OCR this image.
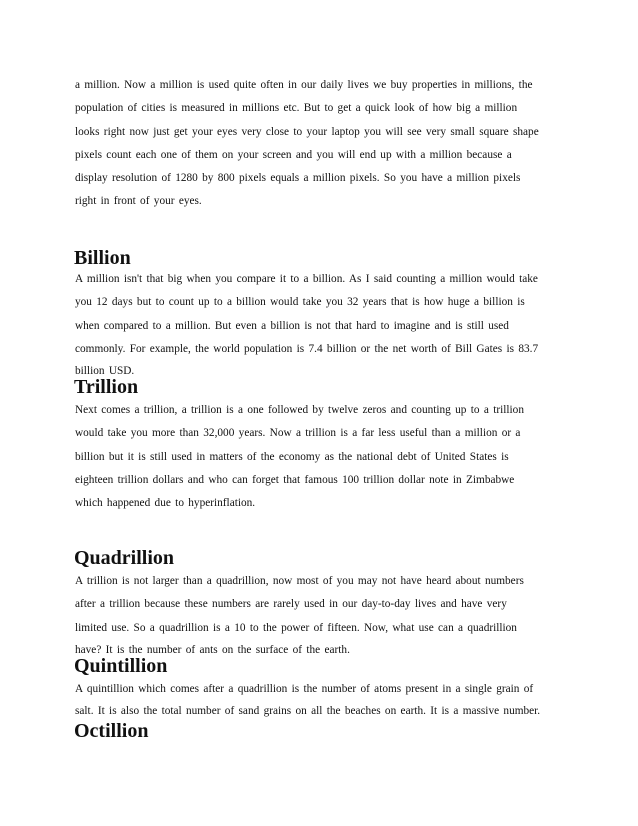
a million. Now a million is used quite often in our daily lives we buy properties in millions, the
population of cities is measured in millions etc. But to get a quick look of how big a million
looks right now just get your eyes very close to your laptop you will see very small square shape
pixels count each one of them on your screen and you will end up with a million because a
display resolution of 1280 by 800 pixels equals a million pixels. So you have a million pixels
right in front of your eyes.
Billion
A million isn't that big when you compare it to a billion. As I said counting a million would take
you 12 days but to count up to a billion would take you 32 years that is how huge a billion is
when compared to a million. But even a billion is not that hard to imagine and is still used
commonly. For example, the world population is 7.4 billion or the net worth of Bill Gates is 83.7
billion USD.
Trillion
Next comes a trillion, a trillion is a one followed by twelve zeros and counting up to a trillion
would take you more than 32,000 years. Now a trillion is a far less useful than a million or a
billion but it is still used in matters of the economy as the national debt of United States is
eighteen trillion dollars and who can forget that famous 100 trillion dollar note in Zimbabwe
which happened due to hyperinflation.
Quadrillion
A trillion is not larger than a quadrillion, now most of you may not have heard about numbers
after a trillion because these numbers are rarely used in our day-to-day lives and have very
limited use. So a quadrillion is a 10 to the power of fifteen. Now, what use can a quadrillion
have? It is the number of ants on the surface of the earth.
Quintillion
A quintillion which comes after a quadrillion is the number of atoms present in a single grain of
salt. It is also the total number of sand grains on all the beaches on earth. It is a massive number.
Octillion
